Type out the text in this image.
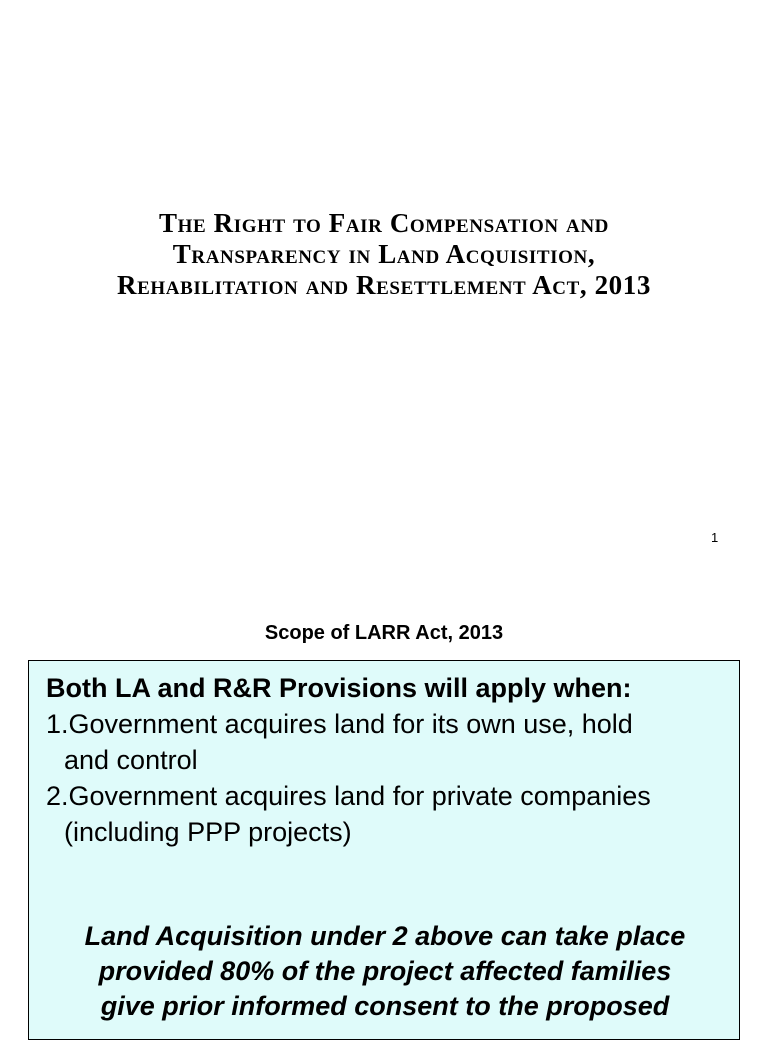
The Right to Fair Compensation and
Transparency in Land Acquisition,
Rehabilitation and Resettlement Act, 2013
1
Scope of LARR Act, 2013
Both LA and R&R Provisions will apply when:
1.Government acquires land for its own use, hold
and control
2.Government acquires land for private companies
(including PPP projects)
Land Acquisition under 2 above can take place
provided 80% of the project affected families
give prior informed consent to the proposed
